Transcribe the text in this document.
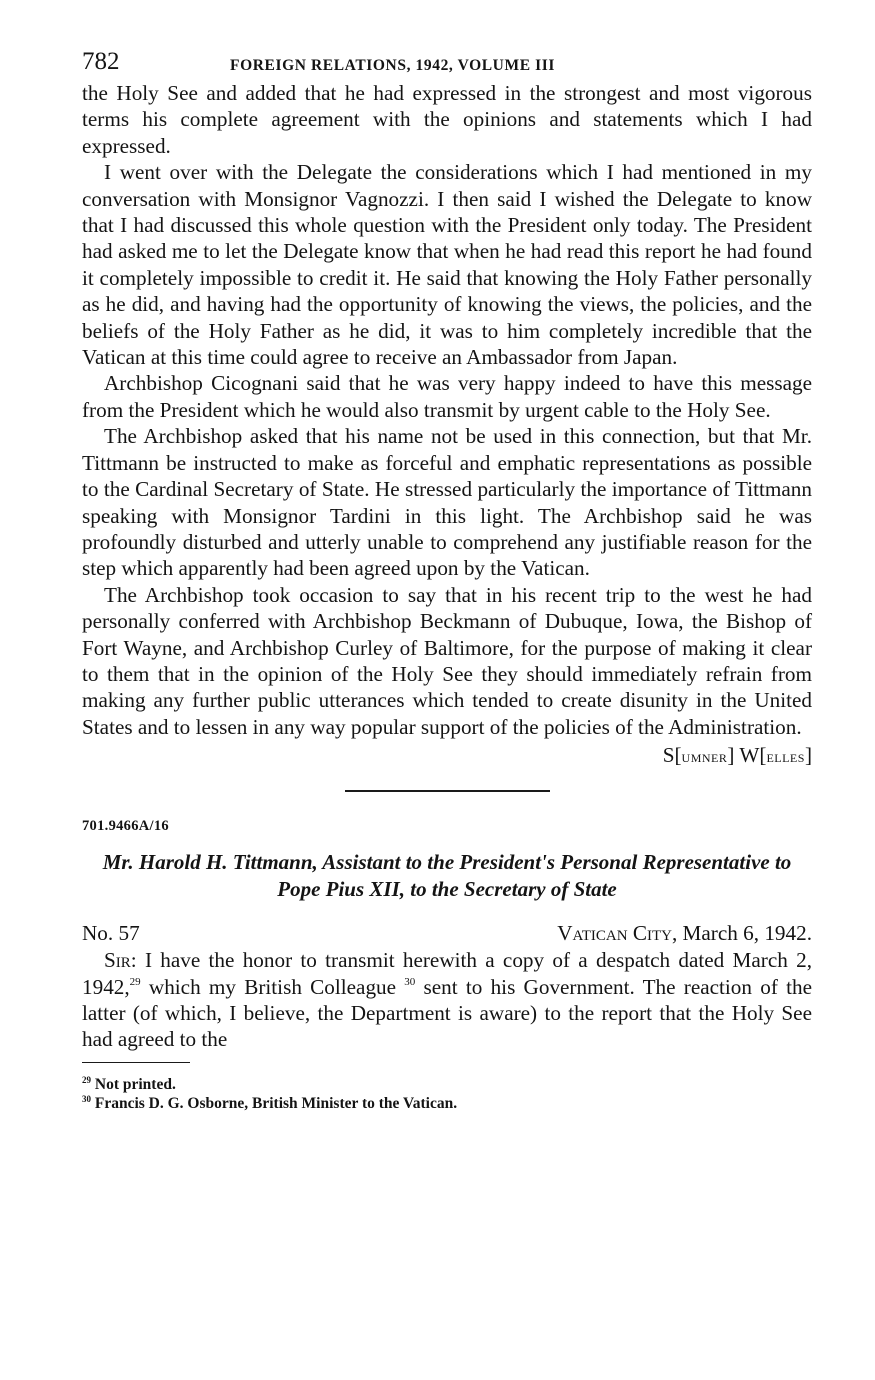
782	FOREIGN RELATIONS, 1942, VOLUME III

the Holy See and added that he had expressed in the strongest and most vigorous terms his complete agreement with the opinions and statements which I had expressed.

I went over with the Delegate the considerations which I had mentioned in my conversation with Monsignor Vagnozzi. I then said I wished the Delegate to know that I had discussed this whole question with the President only today. The President had asked me to let the Delegate know that when he had read this report he had found it completely impossible to credit it. He said that knowing the Holy Father personally as he did, and having had the opportunity of knowing the views, the policies, and the beliefs of the Holy Father as he did, it was to him completely incredible that the Vatican at this time could agree to receive an Ambassador from Japan.

Archbishop Cicognani said that he was very happy indeed to have this message from the President which he would also transmit by urgent cable to the Holy See.

The Archbishop asked that his name not be used in this connection, but that Mr. Tittmann be instructed to make as forceful and emphatic representations as possible to the Cardinal Secretary of State. He stressed particularly the importance of Tittmann speaking with Monsignor Tardini in this light. The Archbishop said he was profoundly disturbed and utterly unable to comprehend any justifiable reason for the step which apparently had been agreed upon by the Vatican.

The Archbishop took occasion to say that in his recent trip to the west he had personally conferred with Archbishop Beckmann of Dubuque, Iowa, the Bishop of Fort Wayne, and Archbishop Curley of Baltimore, for the purpose of making it clear to them that in the opinion of the Holy See they should immediately refrain from making any further public utterances which tended to create disunity in the United States and to lessen in any way popular support of the policies of the Administration.

S[umner] W[elles]
701.9466A/16
Mr. Harold H. Tittmann, Assistant to the President's Personal Representative to Pope Pius XII, to the Secretary of State
No. 57	Vatican City, March 6, 1942.

Sir: I have the honor to transmit herewith a copy of a despatch dated March 2, 1942,29 which my British Colleague $^{30}$ sent to his Government. The reaction of the latter (of which, I believe, the Department is aware) to the report that the Holy See had agreed to the

$^{29}$ Not printed.

$^{30}$ Francis D. G. Osborne, British Minister to the Vatican.
